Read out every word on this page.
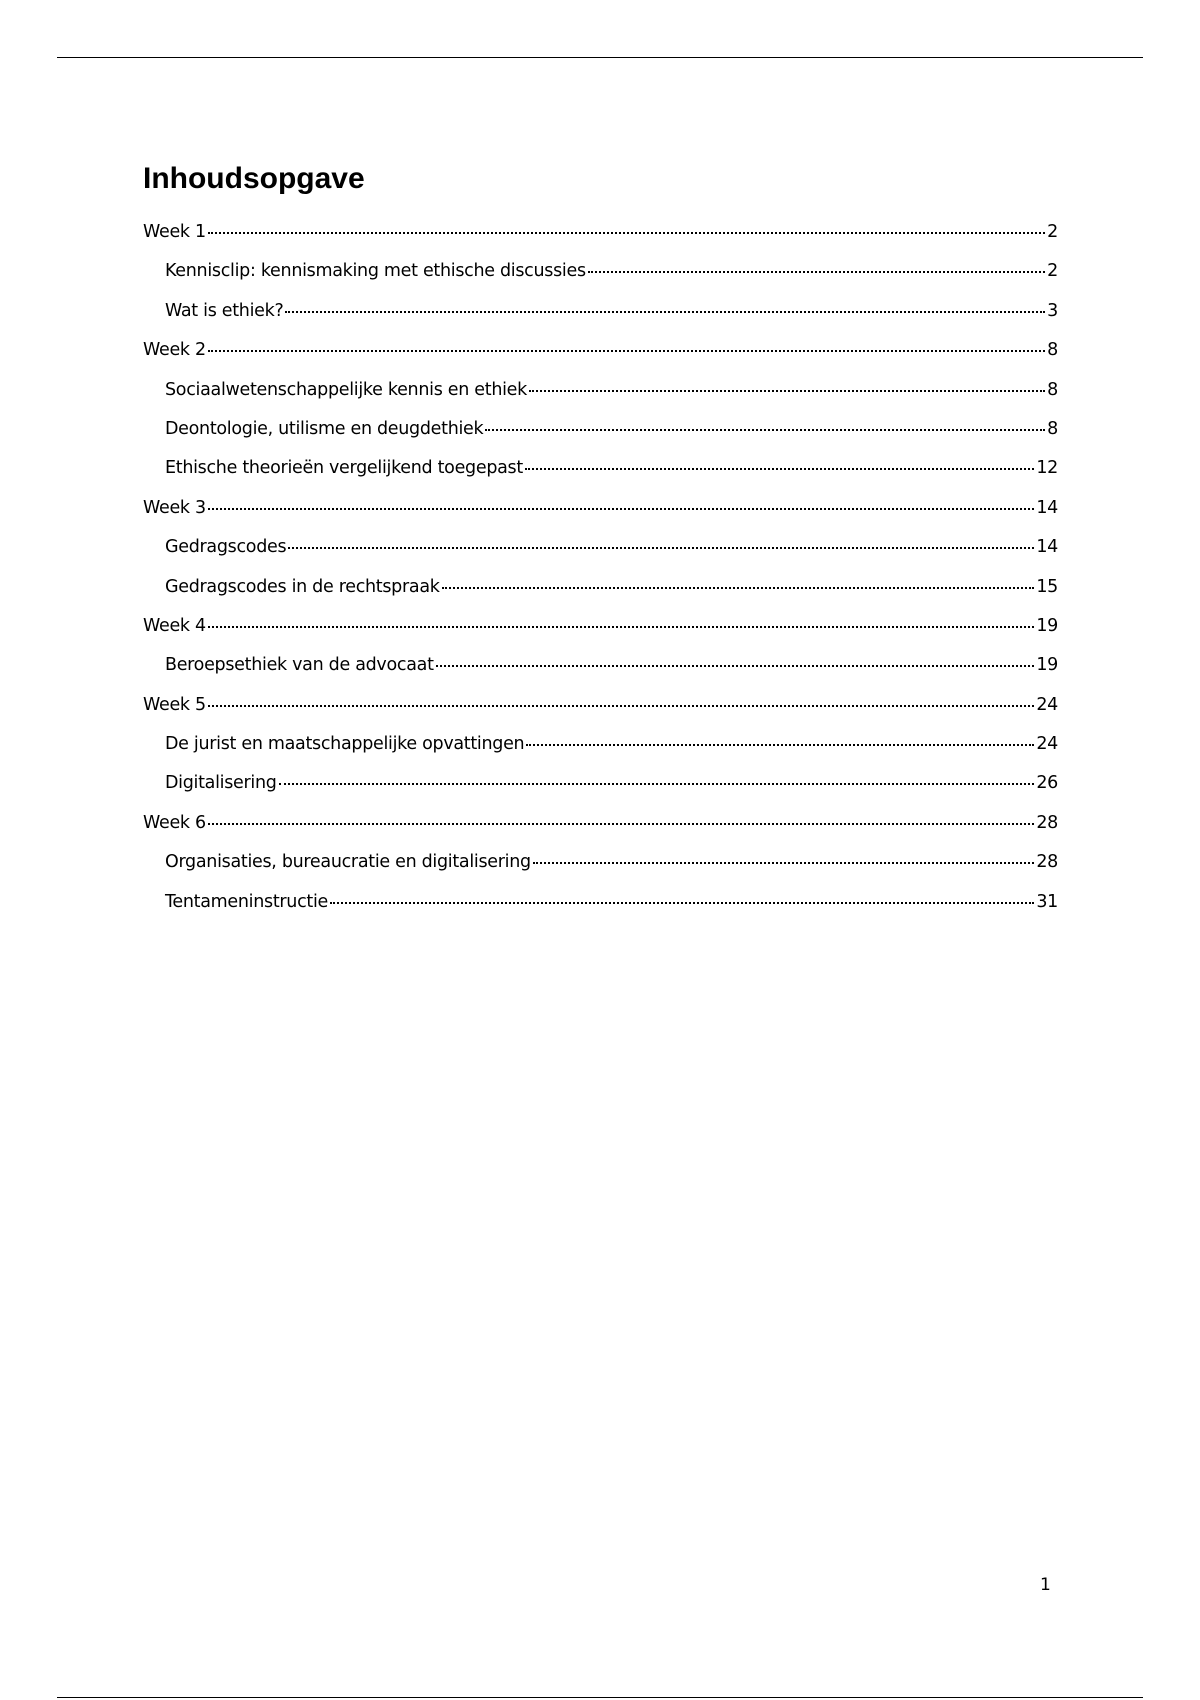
Inhoudsopgave
Week 1	2
Kennisclip: kennismaking met ethische discussies	2
Wat is ethiek?	3
Week 2	8
Sociaalwetenschappelijke kennis en ethiek	8
Deontologie, utilisme en deugdethiek	8
Ethische theorieën vergelijkend toegepast	12
Week 3	14
Gedragscodes	14
Gedragscodes in de rechtspraak	15
Week 4	19
Beroepsethiek van de advocaat	19
Week 5	24
De jurist en maatschappelijke opvattingen	24
Digitalisering	26
Week 6	28
Organisaties, bureaucratie en digitalisering	28
Tentameninstructie	31
1
